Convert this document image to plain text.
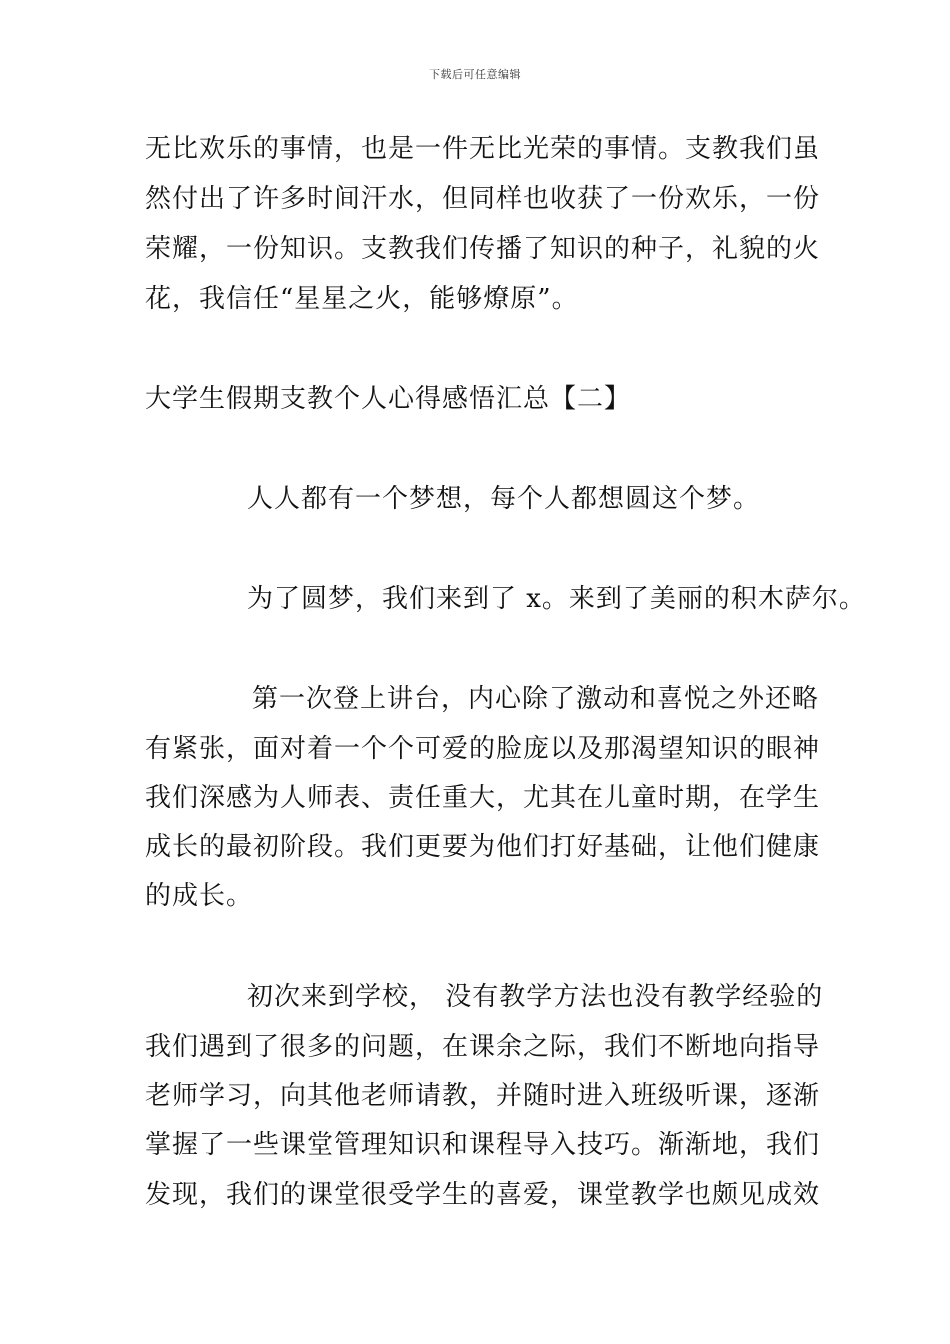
下载后可任意编辑
无比欢乐的事情，也是一件无比光荣的事情。支教我们虽
然付出了许多时间汗水，但同样也收获了一份欢乐，一份
荣耀，一份知识。支教我们传播了知识的种子，礼貌的火
花，我信任“星星之火，能够燎原”。
大学生假期支教个人心得感悟汇总【二】
人人都有一个梦想，每个人都想圆这个梦。
为了圆梦，我们来到了 x。来到了美丽的积木萨尔。
第一次登上讲台，内心除了激动和喜悦之外还略
有紧张，面对着一个个可爱的脸庞以及那渴望知识的眼神
我们深感为人师表、责任重大，尤其在儿童时期，在学生
成长的最初阶段。我们更要为他们打好基础，让他们健康
的成长。
初次来到学校， 没有教学方法也没有教学经验的
我们遇到了很多的问题，在课余之际，我们不断地向指导
老师学习，向其他老师请教，并随时进入班级听课，逐渐
掌握了一些课堂管理知识和课程导入技巧。渐渐地，我们
发现，我们的课堂很受学生的喜爱，课堂教学也颇见成效
